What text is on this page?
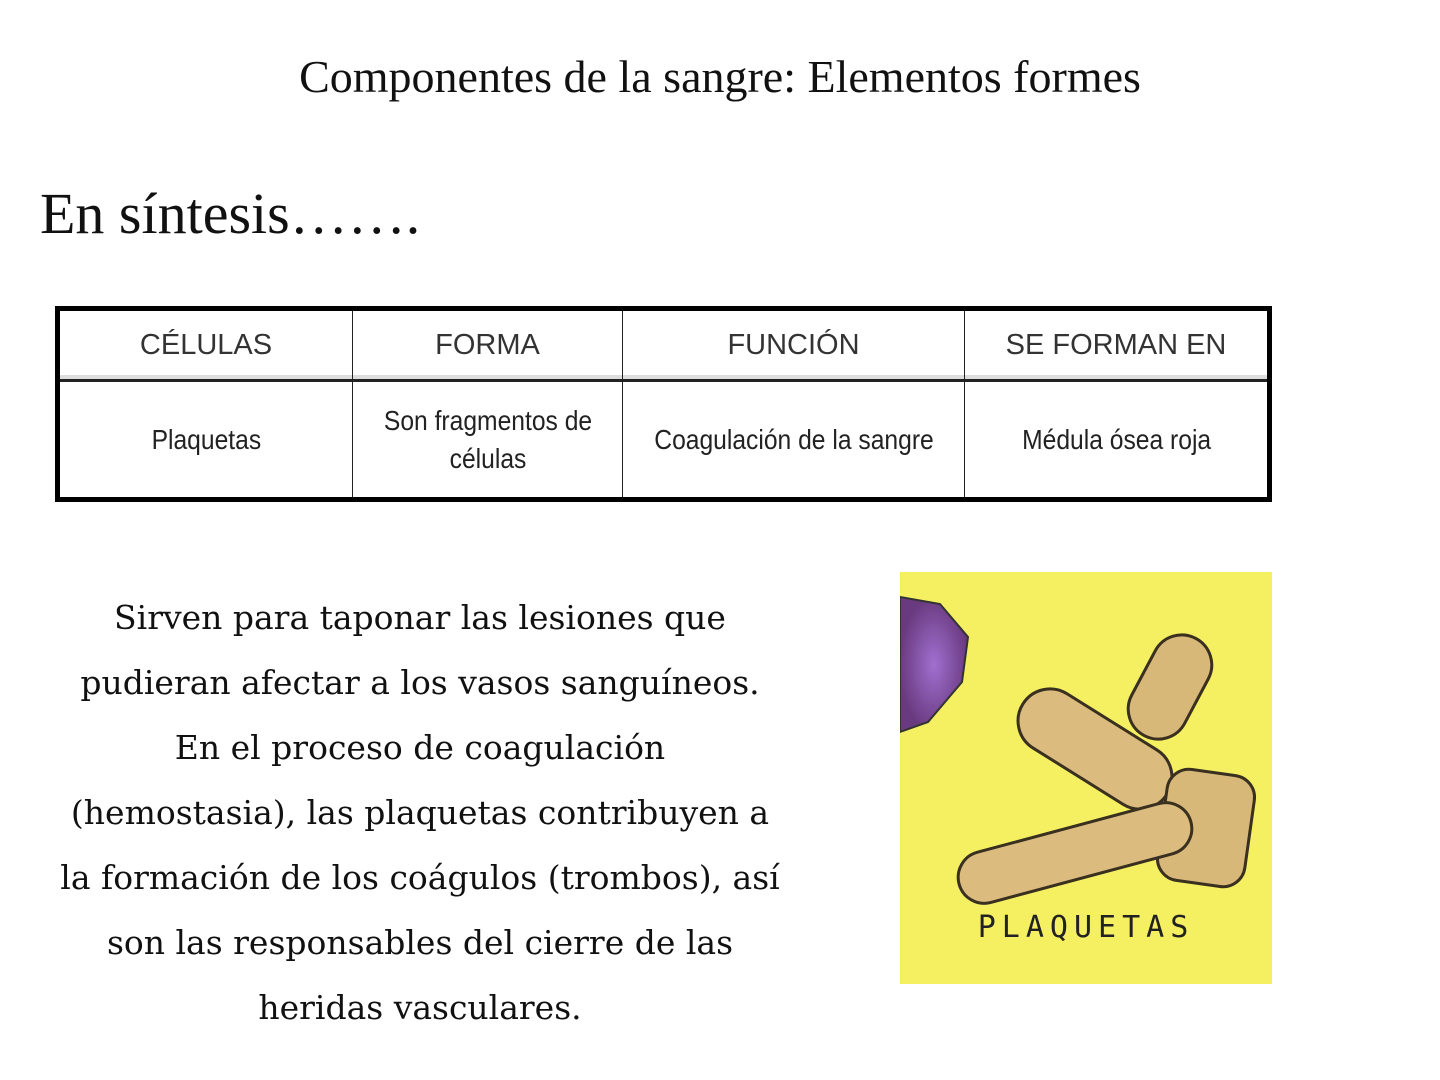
Componentes de la sangre: Elementos formes
En síntesis…….
CÉLULAS	FORMA	FUNCIÓN	SE FORMAN EN
Plaquetas	Son fragmentos de células	Coagulación de la sangre	Médula ósea roja
Sirven para taponar las lesiones que
pudieran afectar a los vasos sanguíneos.
En el proceso de coagulación
(hemostasia), las plaquetas contribuyen a
la formación de los coágulos (trombos), así
son las responsables del cierre de las
heridas vasculares.
PLAQUETAS
